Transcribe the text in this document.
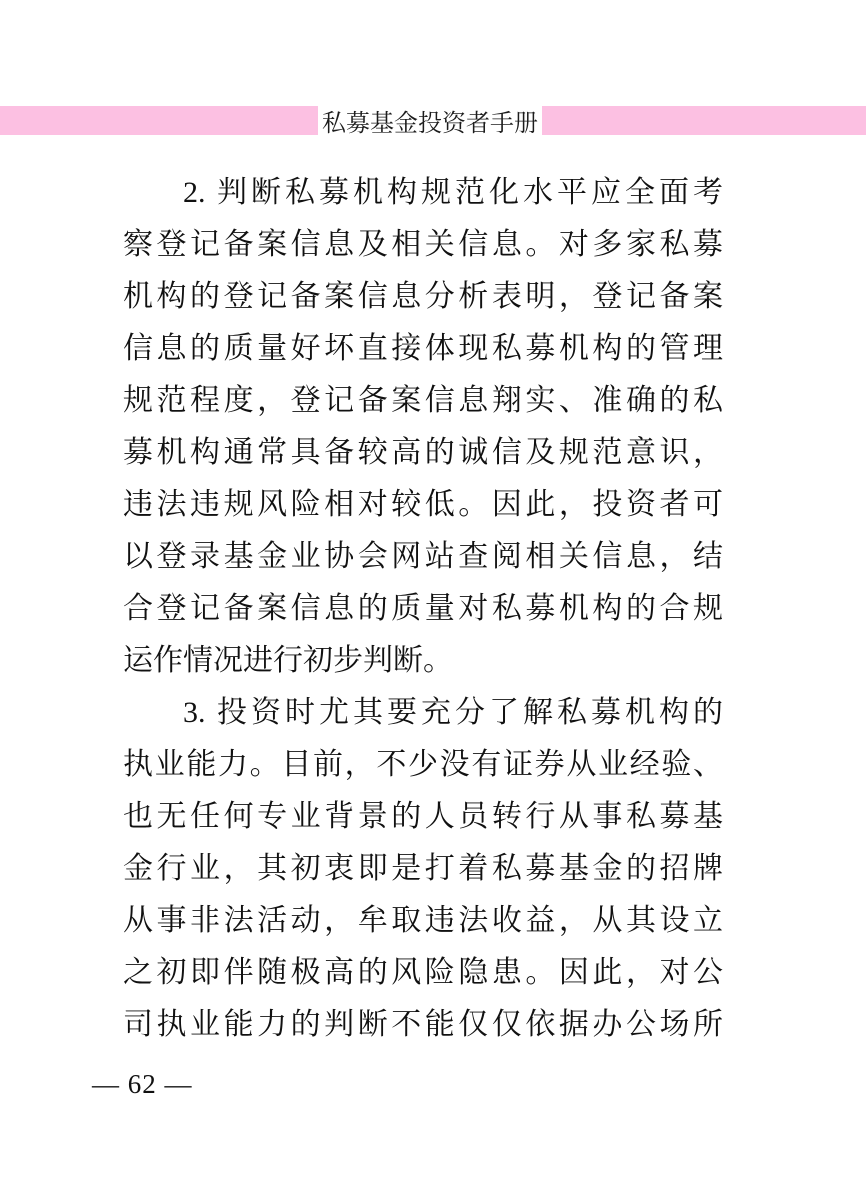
私募基金投资者手册
2. 判断私募机构规范化水平应全面考
察登记备案信息及相关信息。对多家私募
机构的登记备案信息分析表明，登记备案
信息的质量好坏直接体现私募机构的管理
规范程度，登记备案信息翔实、准确的私
募机构通常具备较高的诚信及规范意识，
违法违规风险相对较低。因此，投资者可
以登录基金业协会网站查阅相关信息，结
合登记备案信息的质量对私募机构的合规
运作情况进行初步判断。
3. 投资时尤其要充分了解私募机构的
执业能力。目前，不少没有证券从业经验、
也无任何专业背景的人员转行从事私募基
金行业，其初衷即是打着私募基金的招牌
从事非法活动，牟取违法收益，从其设立
之初即伴随极高的风险隐患。因此，对公
司执业能力的判断不能仅仅依据办公场所
— 62 —
